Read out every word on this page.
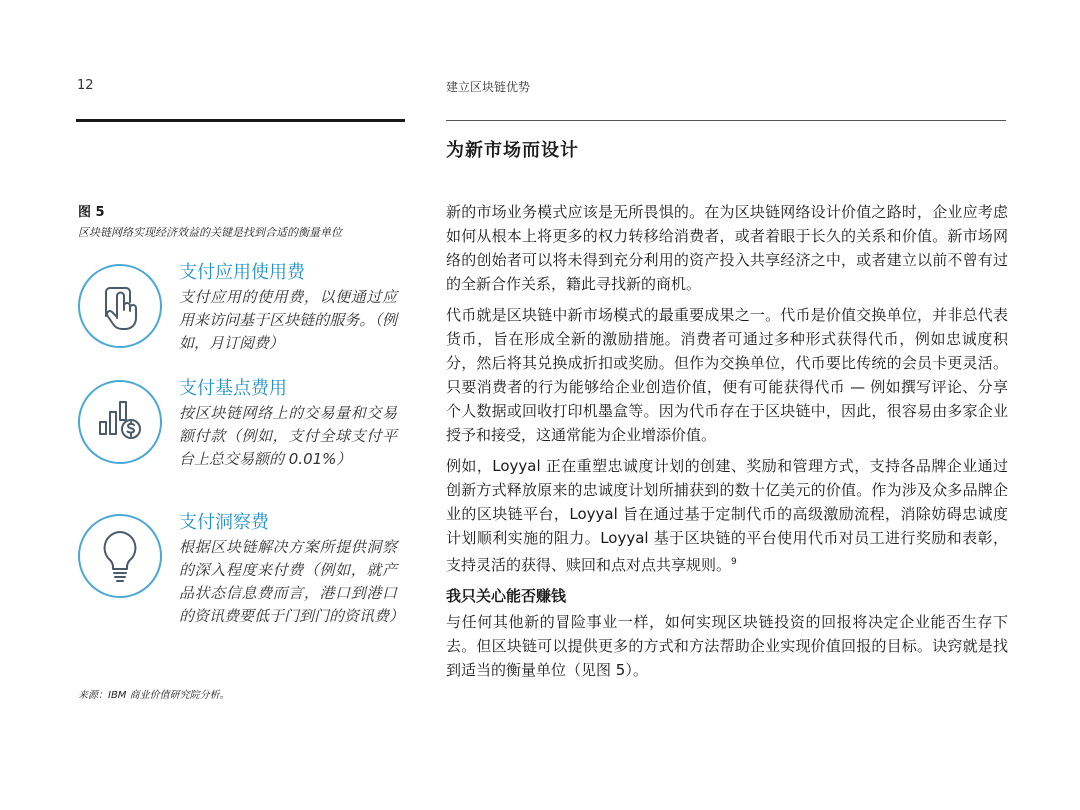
12	建立区块链优势
为新市场而设计
图 5
区块链网络实现经济效益的关键是找到合适的衡量单位
支付应用使用费
支付应用的使用费，以便通过应用来访问基于区块链的服务。（例如，月订阅费）
支付基点费用
按区块链网络上的交易量和交易额付款（例如，支付全球支付平台上总交易额的 0.01%）
支付洞察费
根据区块链解决方案所提供洞察的深入程度来付费（例如，就产品状态信息费而言，港口到港口的资讯费要低于门到门的资讯费）
来源：IBM 商业价值研究院分析。

新的市场业务模式应该是无所畏惧的。在为区块链网络设计价值之路时，企业应考虑如何从根本上将更多的权力转移给消费者，或者着眼于长久的关系和价值。新市场网络的创始者可以将未得到充分利用的资产投入共享经济之中，或者建立以前不曾有过的全新合作关系，籍此寻找新的商机。

代币就是区块链中新市场模式的最重要成果之一。代币是价值交换单位，并非总代表货币，旨在形成全新的激励措施。消费者可通过多种形式获得代币，例如忠诚度积分，然后将其兑换成折扣或奖励。但作为交换单位，代币要比传统的会员卡更灵活。只要消费者的行为能够给企业创造价值，便有可能获得代币 — 例如撰写评论、分享个人数据或回收打印机墨盒等。因为代币存在于区块链中，因此，很容易由多家企业授予和接受，这通常能为企业增添价值。

例如，Loyyal 正在重塑忠诚度计划的创建、奖励和管理方式，支持各品牌企业通过创新方式释放原来的忠诚度计划所捕获到的数十亿美元的价值。作为涉及众多品牌企业的区块链平台，Loyyal 旨在通过基于定制代币的高级激励流程，消除妨碍忠诚度计划顺利实施的阻力。Loyyal 基于区块链的平台使用代币对员工进行奖励和表彰，支持灵活的获得、赎回和点对点共享规则。$^9$

我只关心能否赚钱

与任何其他新的冒险事业一样，如何实现区块链投资的回报将决定企业能否生存下去。但区块链可以提供更多的方式和方法帮助企业实现价值回报的目标。诀窍就是找到适当的衡量单位（见图 5）。
